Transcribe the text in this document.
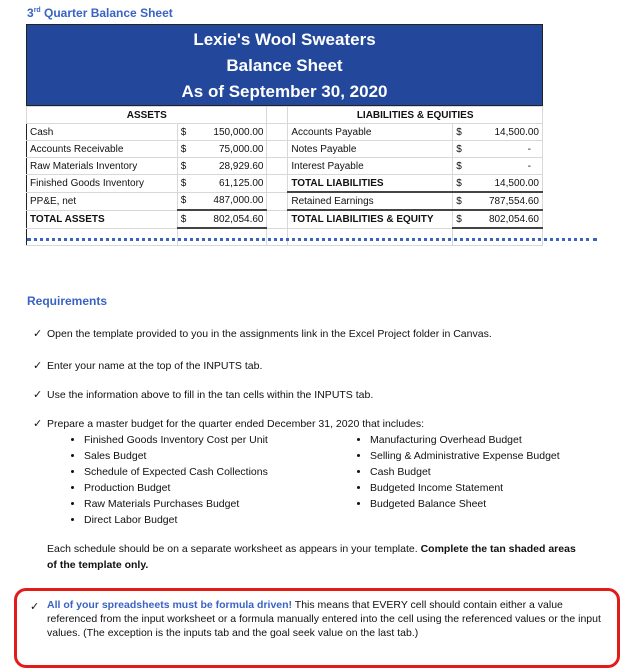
3rd Quarter Balance Sheet
Lexie's Wool Sweaters
Balance Sheet
As of September 30, 2020
ASSETS			LIABILITIES & EQUITIES	
Cash	$ 150,000.00		Accounts Payable	$ 14,500.00

Accounts Receivable	$ 75,000.00		Notes Payable	$ -

Raw Materials Inventory	$ 28,929.60		Interest Payable	$ -

Finished Goods Inventory	$ 61,125.00		TOTAL LIABILITIES	$ 14,500.00

PP&E, net	$ 487,000.00		Retained Earnings	$ 787,554.60

TOTAL ASSETS	$ 802,054.60		TOTAL LIABILITIES & EQUITY	$ 802,054.60

Requirements
✓ Open the template provided to you in the assignments link in the Excel Project folder in Canvas.
✓ Enter your name at the top of the INPUTS tab.
✓ Use the information above to fill in the tan cells within the INPUTS tab.
✓ Prepare a master budget for the quarter ended December 31, 2020 that includes:
• Finished Goods Inventory Cost per Unit
• Sales Budget
• Schedule of Expected Cash Collections
• Production Budget
• Raw Materials Purchases Budget
• Direct Labor Budget
• Manufacturing Overhead Budget
• Selling & Administrative Expense Budget
• Cash Budget
• Budgeted Income Statement
• Budgeted Balance Sheet
Each schedule should be on a separate worksheet as appears in your template. Complete the tan shaded areas of the template only.
✓ All of your spreadsheets must be formula driven! This means that EVERY cell should contain either a value referenced from the input worksheet or a formula manually entered into the cell using the referenced values or the input values. (The exception is the inputs tab and the goal seek value on the last tab.)
